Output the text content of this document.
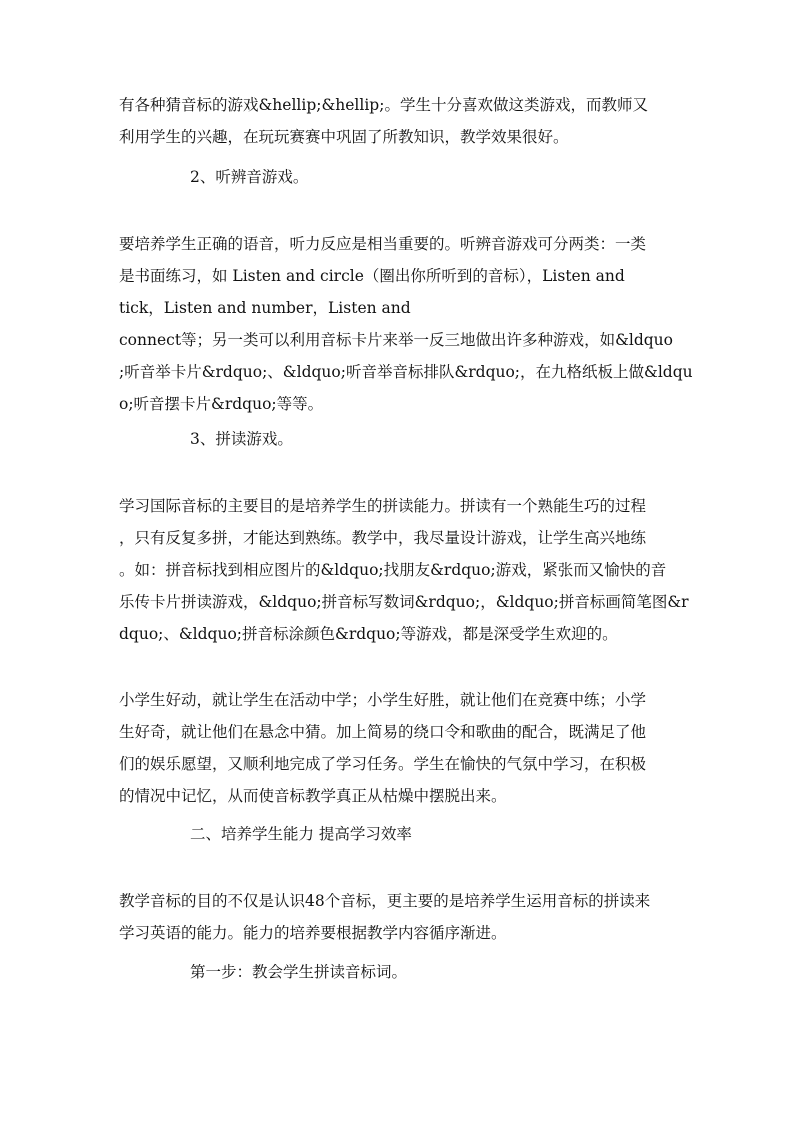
有各种猜音标的游戏&hellip;&hellip;。学生十分喜欢做这类游戏，而教师又
利用学生的兴趣，在玩玩赛赛中巩固了所教知识，教学效果很好。
2、听辨音游戏。
要培养学生正确的语音，听力反应是相当重要的。听辨音游戏可分两类：一类
是书面练习，如 Listen and circle（圈出你所听到的音标），Listen and
tick，Listen and number，Listen and
connect等；另一类可以利用音标卡片来举一反三地做出许多种游戏，如&ldquo
;听音举卡片&rdquo;、&ldquo;听音举音标排队&rdquo;，在九格纸板上做&ldqu
o;听音摆卡片&rdquo;等等。
3、拼读游戏。
学习国际音标的主要目的是培养学生的拼读能力。拼读有一个熟能生巧的过程
，只有反复多拼，才能达到熟练。教学中，我尽量设计游戏，让学生高兴地练
。如：拼音标找到相应图片的&ldquo;找朋友&rdquo;游戏，紧张而又愉快的音
乐传卡片拼读游戏，&ldquo;拼音标写数词&rdquo;，&ldquo;拼音标画简笔图&r
dquo;、&ldquo;拼音标涂颜色&rdquo;等游戏，都是深受学生欢迎的。
小学生好动，就让学生在活动中学；小学生好胜，就让他们在竞赛中练；小学
生好奇，就让他们在悬念中猜。加上简易的绕口令和歌曲的配合，既满足了他
们的娱乐愿望，又顺利地完成了学习任务。学生在愉快的气氛中学习，在积极
的情况中记忆，从而使音标教学真正从枯燥中摆脱出来。
二、培养学生能力 提高学习效率
教学音标的目的不仅是认识48个音标，更主要的是培养学生运用音标的拼读来
学习英语的能力。能力的培养要根据教学内容循序渐进。
第一步：教会学生拼读音标词。
